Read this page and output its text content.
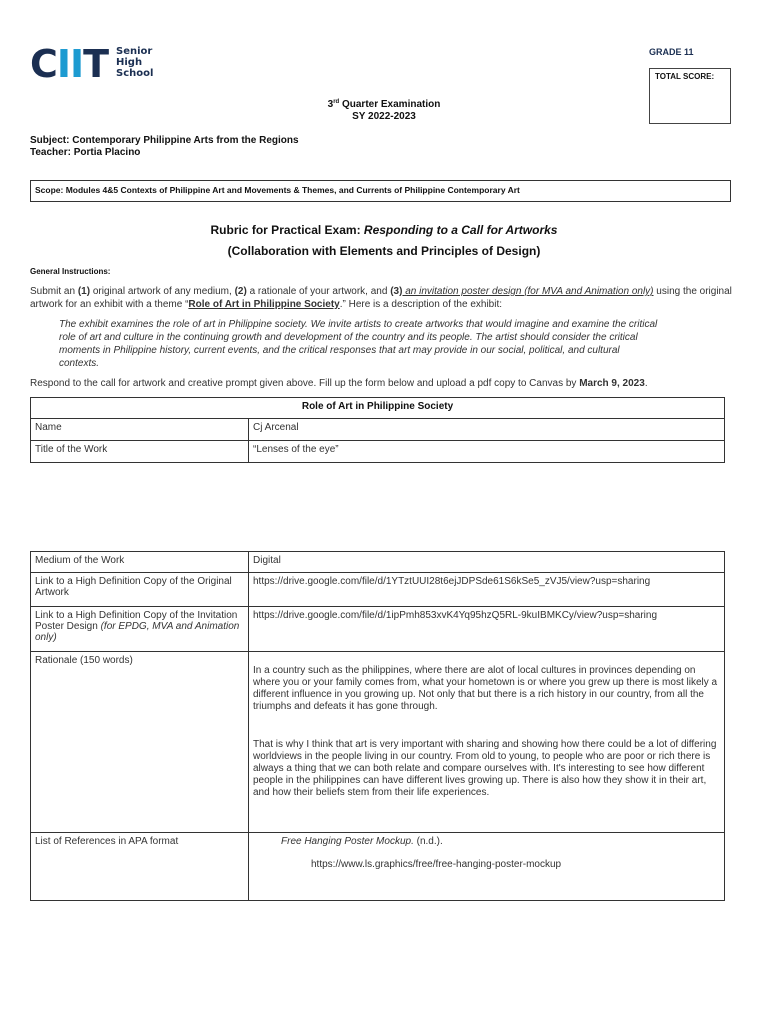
CIIT Senior
High
School
GRADE 11
TOTAL SCORE:
3rd Quarter Examination
SY 2022-2023
Subject: Contemporary Philippine Arts from the Regions
Teacher: Portia Placino
Scope: Modules 4&5 Contexts of Philippine Art and Movements & Themes, and Currents of Philippine Contemporary Art
Rubric for Practical Exam: Responding to a Call for Artworks
(Collaboration with Elements and Principles of Design)
General Instructions:
Submit an (1) original artwork of any medium, (2) a rationale of your artwork, and (3) an invitation poster design (for MVA and Animation only) using the original artwork for an exhibit with a theme “Role of Art in Philippine Society.” Here is a description of the exhibit:
The exhibit examines the role of art in Philippine society. We invite artists to create artworks that would imagine and examine the critical role of art and culture in the continuing growth and development of the country and its people. The artist should consider the critical moments in Philippine history, current events, and the critical responses that art may provide in our social, political, and cultural contexts.
Respond to the call for artwork and creative prompt given above. Fill up the form below and upload a pdf copy to Canvas by March 9, 2023.
Role of Art in Philippine Society	
Name	Cj Arcenal
Title of the Work	“Lenses of the eye”
Medium of the Work	Digital
Link to a High Definition Copy of the Original Artwork	https://drive.google.com/file/d/1YTztUUI28t6ejJDPSde61S6kSe5_zVJ5/view?usp=sharing
Link to a High Definition Copy of the Invitation Poster Design (for EPDG, MVA and Animation only)	https://drive.google.com/file/d/1ipPmh853xvK4Yq95hzQ5RL-9kuIBMKCy/view?usp=sharing
Rationale (150 words)	In a country such as the philippines, where there are alot of local cultures in provinces depending on where you or your family comes from, what your hometown is or where you grew up there is most likely a different influence in you growing up. Not only that but there is a rich history in our country, from all the triumphs and defeats it has gone through.

That is why I think that art is very important with sharing and showing how there could be a lot of differing worldviews in the people living in our country. From old to young, to people who are poor or rich there is always a thing that we can both relate and compare ourselves with. It's interesting to see how different people in the philippines can have different lives growing up. There is also how they show it in their art, and how their beliefs stem from their life experiences.

List of References in APA format	Free Hanging Poster Mockup. (n.d.).
https://www.ls.graphics/free/free-hanging-poster-mockup
